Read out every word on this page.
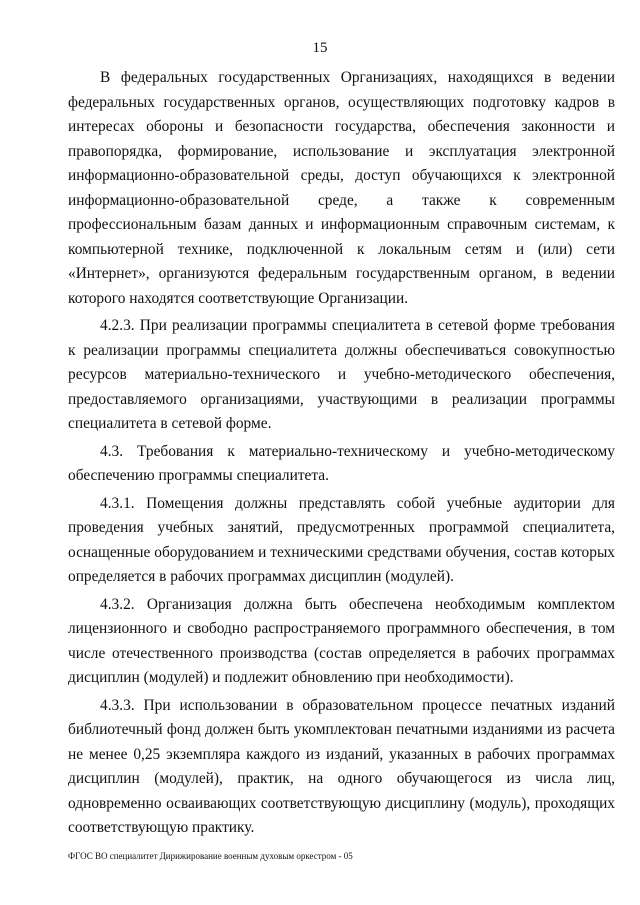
15

В федеральных государственных Организациях, находящихся в ведении федеральных государственных органов, осуществляющих подготовку кадров в интересах обороны и безопасности государства, обеспечения законности и правопорядка, формирование, использование и эксплуатация электронной информационно-образовательной среды, доступ обучающихся к электронной информационно-образовательной среде, а также к современным профессиональным базам данных и информационным справочным системам, к компьютерной технике, подключенной к локальным сетям и (или) сети «Интернет», организуются федеральным государственным органом, в ведении которого находятся соответствующие Организации.

4.2.3. При реализации программы специалитета в сетевой форме требования к реализации программы специалитета должны обеспечиваться совокупностью ресурсов материально-технического и учебно-методического обеспечения, предоставляемого организациями, участвующими в реализации программы специалитета в сетевой форме.

4.3. Требования к материально-техническому и учебно-методическому обеспечению программы специалитета.

4.3.1. Помещения должны представлять собой учебные аудитории для проведения учебных занятий, предусмотренных программой специалитета, оснащенные оборудованием и техническими средствами обучения, состав которых определяется в рабочих программах дисциплин (модулей).

4.3.2. Организация должна быть обеспечена необходимым комплектом лицензионного и свободно распространяемого программного обеспечения, в том числе отечественного производства (состав определяется в рабочих программах дисциплин (модулей) и подлежит обновлению при необходимости).

4.3.3. При использовании в образовательном процессе печатных изданий библиотечный фонд должен быть укомплектован печатными изданиями из расчета не менее 0,25 экземпляра каждого из изданий, указанных в рабочих программах дисциплин (модулей), практик, на одного обучающегося из числа лиц, одновременно осваивающих соответствующую дисциплину (модуль), проходящих соответствующую практику.

ФГОС ВО специалитет Дирижирование военным духовым оркестром - 05
